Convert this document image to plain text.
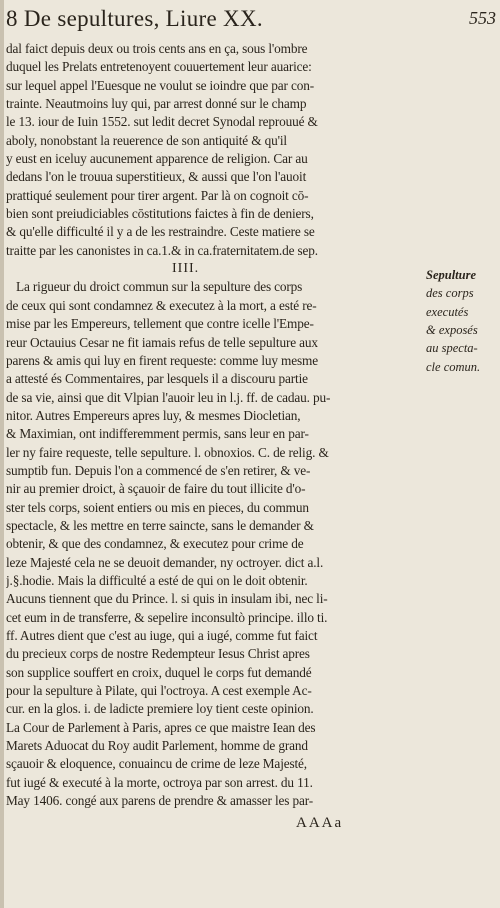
8 De sepultures, Liure XX.	553
dal faict depuis deux ou trois cents ans en ça, sous l'ombre
duquel les Prelats entretenoyent couuertement leur auarice:
sur lequel appel l'Euesque ne voulut se ioindre que par con-
trainte. Neautmoins luy qui, par arrest donné sur le champ
le 13. iour de Iuin 1552. sut ledit decret Synodal reprouué &
aboly, nonobstant la reuerence de son antiquité & qu'il
y eust en iceluy aucunement apparence de religion. Car au
dedans l'on le trouua superstitieux, & aussi que l'on l'auoit
prattiqué seulement pour tirer argent. Par là on cognoit cō-
bien sont preiudiciables cōstitutions faictes à fin de deniers,
& qu'elle difficulté il y a de les restraindre. Ceste matiere se
traitte par les canonistes in ca.1.& in ca.fraternitatem.de sep.
IIII.
La rigueur du droict commun sur la sepulture des corps
de ceux qui sont condamnez & executez à la mort, a esté re-
mise par les Empereurs, tellement que contre icelle l'Empe-
reur Octauius Cesar ne fit iamais refus de telle sepulture aux
parens & amis qui luy en firent requeste: comme luy mesme
a attesté és Commentaires, par lesquels il a discouru partie
de sa vie, ainsi que dit Vlpian l'auoir leu in l.j. ff. de cadau. pu-
nitor. Autres Empereurs apres luy, & mesmes Diocletian,
& Maximian, ont indifferemment permis, sans leur en par-
ler ny faire requeste, telle sepulture. l. obnoxios. C. de relig. &
sumptib fun. Depuis l'on a commencé de s'en retirer, & ve-
nir au premier droict, à sçauoir de faire du tout illicite d'o-
ster tels corps, soient entiers ou mis en pieces, du commun
spectacle, & les mettre en terre saincte, sans le demander &
obtenir, & que des condamnez, & executez pour crime de
leze Majesté cela ne se deuoit demander, ny octroyer. dict a.l.
j.§.hodie. Mais la difficulté a esté de qui on le doit obtenir.
Aucuns tiennent que du Prince. l. si quis in insulam ibi, nec li-
cet eum in de transferre, & sepelire inconsultò principe. illo ti.
ff. Autres dient que c'est au iuge, qui a iugé, comme fut faict
du precieux corps de nostre Redempteur Iesus Christ apres
son supplice souffert en croix, duquel le corps fut demandé
pour la sepulture à Pilate, qui l'octroya. A cest exemple Ac-
cur. en la glos. i. de ladicte premiere loy tient ceste opinion.
La Cour de Parlement à Paris, apres ce que maistre Iean des
Marets Aduocat du Roy audit Parlement, homme de grand
sçauoir & eloquence, conuaincu de crime de leze Majesté,
fut iugé & executé à la morte, octroya par son arrest. du 11.
May 1406. congé aux parens de prendre & amasser les par-
Sepulture
des corps
executés
& exposés
au specta-
cle comun.
AAAa
